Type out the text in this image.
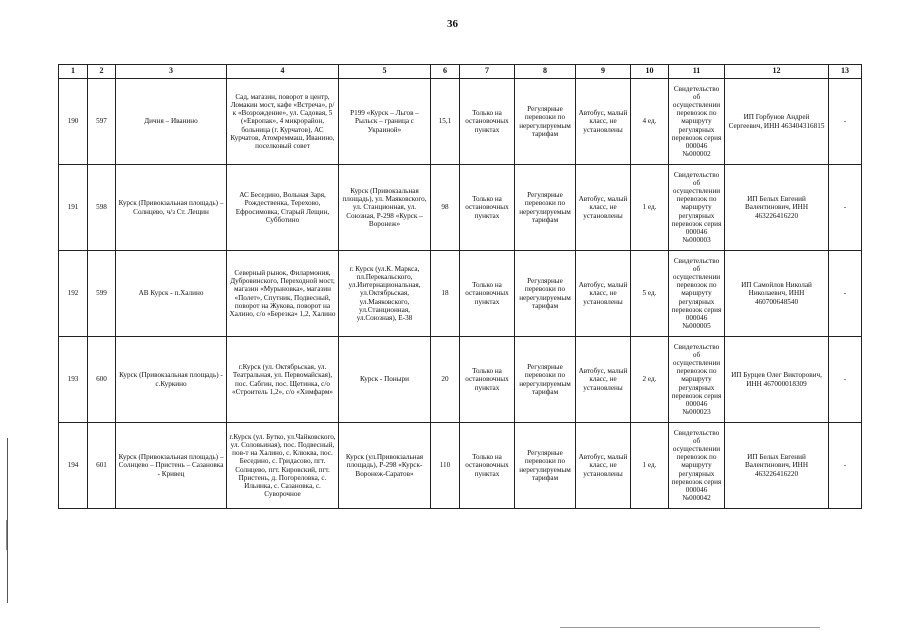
36
1	2	3	4	5	6	7	8	9	10	11	12	13
190	597	Дичня – Иванино	Сад, магазин, поворот в центр, Ломакин мост, кафе «Встреча», р/к «Возрождение», ул. Садовая, 5 («Европак», 4 микрорайон, больница (г. Курчатов), АС Курчатов, Атомреммаш, Иванино, поселковый совет	Р199 «Курск – Льгов – Рыльск – граница с Украиной»	15,1	Только на остановочных пунктах	Регулярные перевозки по нерегулируемым тарифам	Автобус, малый класс, не установлены	4 ед.	Свидетельство об осуществлении перевозок по маршруту регулярных перевозок серия 000046 №000002	ИП Горбунов Андрей Сергеевич, ИНН 463404316815	-
191	598	Курск (Привокзальная площадь) – Солнцево, ч/з Ст. Лещин	АС Беседино, Вольная Заря, Рождественка, Терехово, Ефросимовка, Старый Лещин, Субботино	Курск (Привокзальная площадь), ул. Маяковского, ул. Станционная, ул. Союзная, Р-298 «Курск – Воронеж»	98	Только на остановочных пунктах	Регулярные перевозки по нерегулируемым тарифам	Автобус, малый класс, не установлены	1 ед.	Свидетельство об осуществлении перевозок по маршруту регулярных перевозок серия 000046 №000003	ИП Белых Евгений Валентинович, ИНН 463226416220	-
192	599	АВ Курск - п.Халино	Северный рынок, Филармония, Дубровинского, Переходной мост, магазин «Мурыновка», магазин «Полет», Спутник, Подвесный, поворот на Жукова, поворот на Халино, с/о «Березка» 1,2, Халино	г. Курск (ул.К. Маркса, пл.Перекальского, ул.Интернациональная, ул.Октябрьская, ул.Маяковского, ул.Станционная, ул.Союзная), Е-38	18	Только на остановочных пунктах	Регулярные перевозки по нерегулируемым тарифам	Автобус, малый класс, не установлены	5 ед.	Свидетельство об осуществлении перевозок по маршруту регулярных перевозок серия 000046 №000005	ИП Самойлов Николай Николаевич, ИНН 460700648540	-
193	600	Курск (Привокзальная площадь) - с.Куркино	г.Курск (ул. Октябрьская, ул. Театральная, ул. Первомайская), пос. Сабгин, пос. Щетинка, с/о «Строитель 1,2», с/о «Химфарм»	Курск - Поныри	20	Только на остановочных пунктах	Регулярные перевозки по нерегулируемым тарифам	Автобус, малый класс, не установлены	2 ед.	Свидетельство об осуществлении перевозок по маршруту регулярных перевозок серия 000046 №000023	ИП Бурцев Олег Викторович, ИНН 467000018309	-
194	601	Курск (Привокзальная площадь) – Солнцево – Пристень – Сазановка - Кривец	г.Курск (ул. Бутко, ул.Чайковского, ул. Соловьиная), пос. Подвесный, пов-т на Халино, с. Клюква, пос. Беседино, с. Гридасово, пгт. Солнцево, пгт. Кировский, пгт. Пристень, д. Погореловка, с. Ильинка, с. Сазановка, с. Суворочное	Курск (ул.Привокзальная площадь), Р-298 «Курск-Воронеж-Саратов»	110	Только на остановочных пунктах	Регулярные перевозки по нерегулируемым тарифам	Автобус, малый класс, не установлены	1 ед.	Свидетельство об осуществлении перевозок по маршруту регулярных перевозок серия 000046 №000042	ИП Белых Евгений Валентинович, ИНН 463226416220	-
